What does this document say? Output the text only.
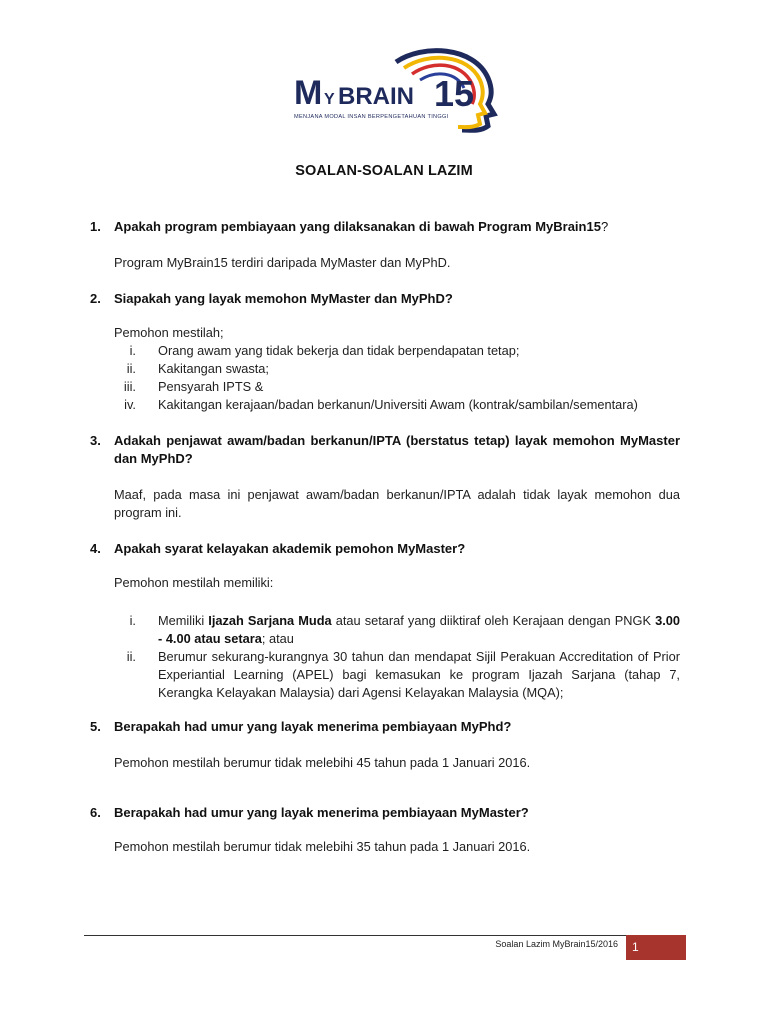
M Y BRAIN 15
MENJANA MODAL INSAN BERPENGETAHUAN TINGGI
SOALAN-SOALAN LAZIM
1. Apakah program pembiayaan yang dilaksanakan di bawah Program MyBrain15?
Program MyBrain15 terdiri daripada MyMaster dan MyPhD.
2. Siapakah yang layak memohon MyMaster dan MyPhD?
Pemohon mestilah;
i. Orang awam yang tidak bekerja dan tidak berpendapatan tetap;
ii. Kakitangan swasta;
iii. Pensyarah IPTS &
iv. Kakitangan kerajaan/badan berkanun/Universiti Awam (kontrak/sambilan/sementara)
3. Adakah penjawat awam/badan berkanun/IPTA (berstatus tetap) layak memohon MyMaster dan MyPhD?
Maaf, pada masa ini penjawat awam/badan berkanun/IPTA adalah tidak layak memohon dua program ini.
4. Apakah syarat kelayakan akademik pemohon MyMaster?
Pemohon mestilah memiliki:
i. Memiliki Ijazah Sarjana Muda atau setaraf yang diiktiraf oleh Kerajaan dengan PNGK 3.00 - 4.00 atau setara; atau
ii. Berumur sekurang-kurangnya 30 tahun dan mendapat Sijil Perakuan Accreditation of Prior Experiantial Learning (APEL) bagi kemasukan ke program Ijazah Sarjana (tahap 7, Kerangka Kelayakan Malaysia) dari Agensi Kelayakan Malaysia (MQA);
5. Berapakah had umur yang layak menerima pembiayaan MyPhd?
Pemohon mestilah berumur tidak melebihi 45 tahun pada 1 Januari 2016.
6. Berapakah had umur yang layak menerima pembiayaan MyMaster?
Pemohon mestilah berumur tidak melebihi 35 tahun pada 1 Januari 2016.
Soalan Lazim MyBrain15/2016	1
